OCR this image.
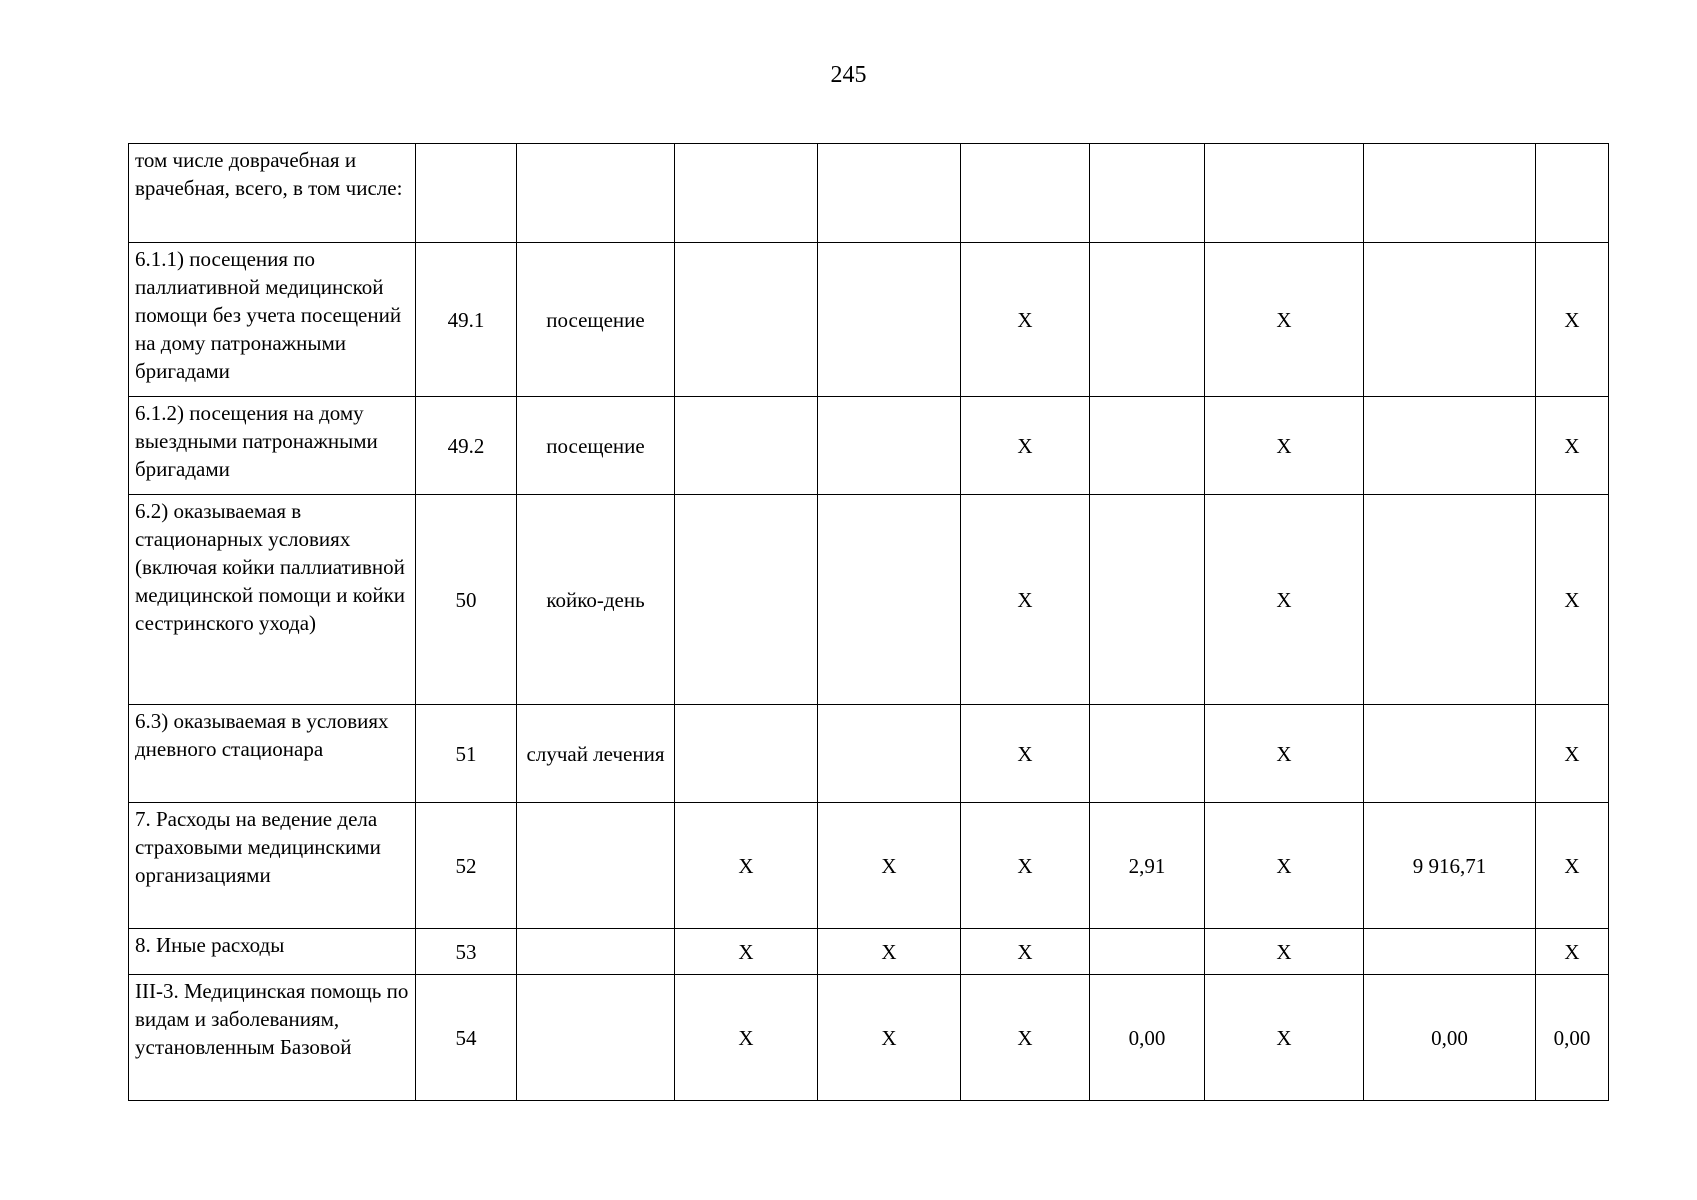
245
том числе доврачебная и врачебная, всего, в том числе:									
6.1.1) посещения по паллиативной медицинской помощи без учета посещений на дому патронажными бригадами	49.1	посещение			X		X		X
6.1.2) посещения на дому выездными патронажными бригадами	49.2	посещение			X		X		X
6.2) оказываемая в стационарных условиях (включая койки паллиативной медицинской помощи и койки сестринского ухода)	50	койко-день			X		X		X
6.3) оказываемая в условиях дневного стационара	51	случай лечения			X		X		X
7. Расходы на ведение дела страховыми медицинскими организациями	52		X	X	X	2,91	X	9 916,71	X
8. Иные расходы	53		X	X	X		X		X
III-3. Медицинская помощь по видам и заболеваниям, установленным Базовой	54		X	X	X	0,00	X	0,00	0,00
